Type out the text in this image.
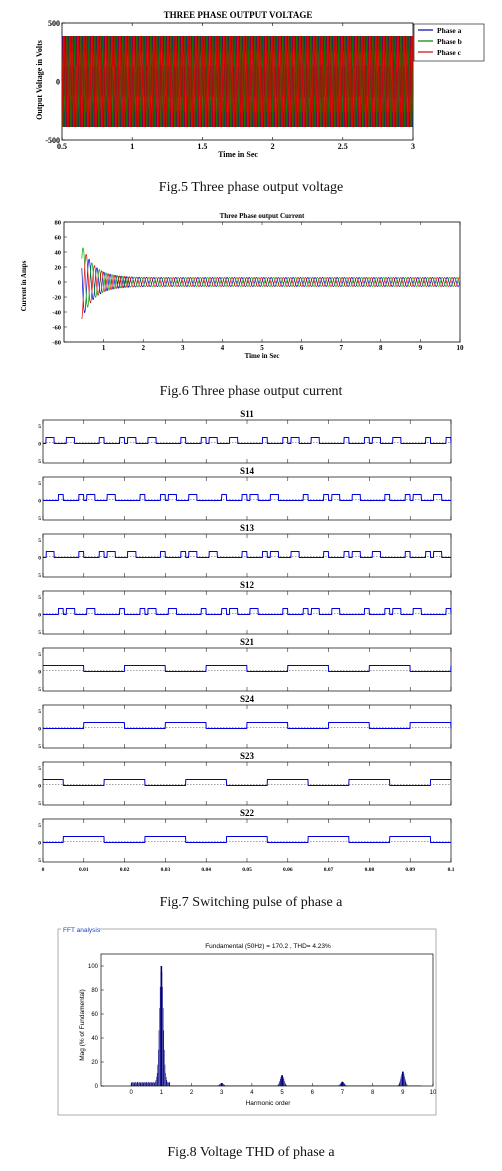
THREE PHASE OUTPUT VOLTAGE
Output Voltage in Volts
Time in Sec
0.5	1	1.5	2	2.5	3
500
0
-500
Phase a
Phase b
Phase c
Fig.5 Three phase output voltage
Three Phase output Current
Current in Amps
Time in Sec
1	2	3	4	5	6	7	8	9	10
80
60
40
20
0
-20
-40
-60
-80
Fig.6 Three phase output current
S11
5
0
5
S14
5
0
5
S13
5
0
5
S12
5
0
5
S21
5
0
5
S24
5
0
5
S23
5
0
5
S22
5
0
5
0	0.01	0.02	0.03	0.04	0.05	0.06	0.07	0.08	0.09	0.1
Fig.7 Switching pulse of phase a
FFT analysis
Fundamental (50Hz) = 170.2 , THD= 4.23%
Mag (% of Fundamental)
Harmonic order
0	1	2	3	4	5	6	7	8	9	10
0
20
40
60
80
100
Fig.8 Voltage THD of phase a
